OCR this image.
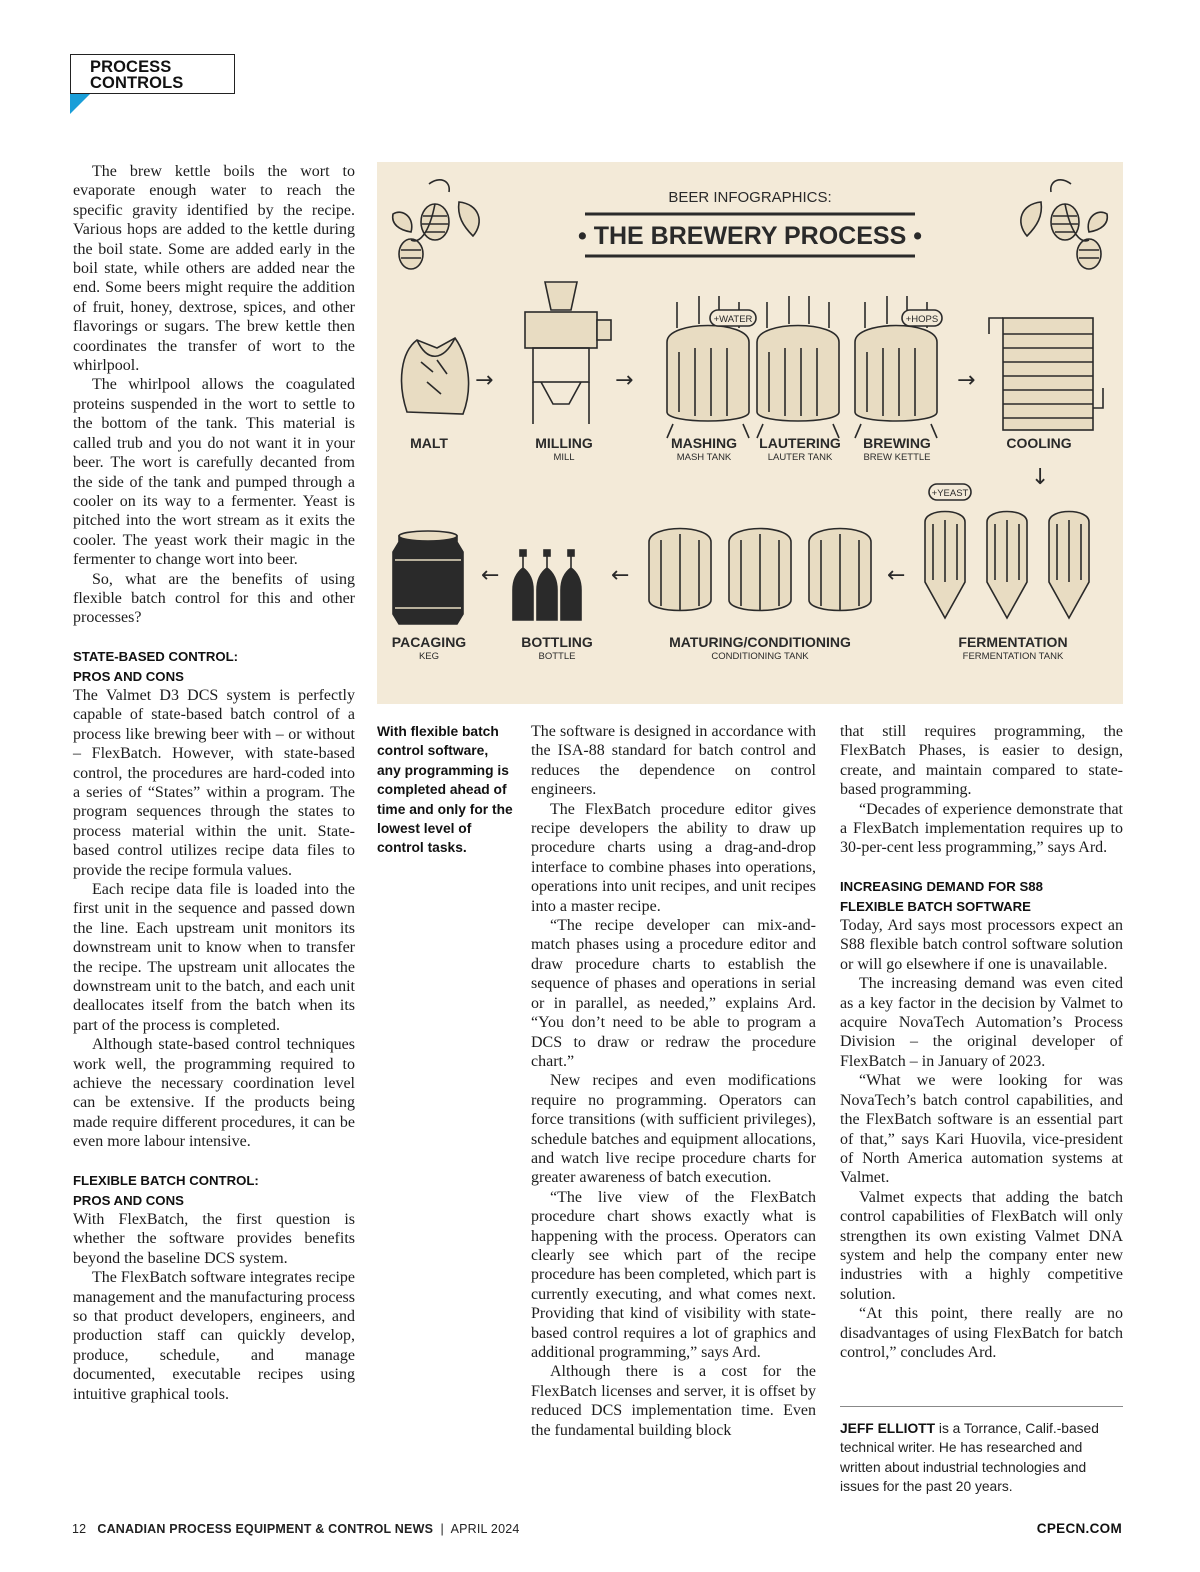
PROCESS
CONTROLS

The brew kettle boils the wort to evaporate enough water to reach the specific gravity identified by the recipe. Various hops are added to the kettle during the boil state. Some are added early in the boil state, while others are added near the end. Some beers might require the addition of fruit, honey, dextrose, spices, and other flavorings or sugars. The brew kettle then coordinates the transfer of wort to the whirlpool.

The whirlpool allows the coagulated proteins suspended in the wort to settle to the bottom of the tank. This material is called trub and you do not want it in your beer. The wort is carefully decanted from the side of the tank and pumped through a cooler on its way to a fermenter. Yeast is pitched into the wort stream as it exits the cooler. The yeast work their magic in the fermenter to change wort into beer.

So, what are the benefits of using flexible batch control for this and other processes?

STATE-BASED CONTROL:
PROS AND CONS

The Valmet D3 DCS system is perfectly capable of state-based batch control of a process like brewing beer with – or without – FlexBatch. However, with state-based control, the procedures are hard-coded into a series of “States” within a program. The program sequences through the states to process material within the unit. State-based control utilizes recipe data files to provide the recipe formula values.

Each recipe data file is loaded into the first unit in the sequence and passed down the line. Each upstream unit monitors its downstream unit to know when to transfer the recipe. The upstream unit allocates the downstream unit to the batch, and each unit deallocates itself from the batch when its part of the process is completed.

Although state-based control techniques work well, the programming required to achieve the necessary coordination level can be extensive. If the products being made require different procedures, it can be even more labour intensive.

FLEXIBLE BATCH CONTROL:
PROS AND CONS

With FlexBatch, the first question is whether the software provides benefits beyond the baseline DCS system.

The FlexBatch software integrates recipe management and the manufacturing process so that product developers, engineers, and production staff can quickly develop, produce, schedule, and manage documented, executable recipes using intuitive graphical tools.

With flexible batch control software, any programming is completed ahead of time and only for the lowest level of control tasks.

The software is designed in accordance with the ISA-88 standard for batch control and reduces the dependence on control engineers.

The FlexBatch procedure editor gives recipe developers the ability to draw up procedure charts using a drag-and-drop interface to combine phases into operations, operations into unit recipes, and unit recipes into a master recipe.

“The recipe developer can mix-and-match phases using a procedure editor and draw procedure charts to establish the sequence of phases and operations in serial or in parallel, as needed,” explains Ard. “You don’t need to be able to program a DCS to draw or redraw the procedure chart.”

New recipes and even modifications require no programming. Operators can force transitions (with sufficient privileges), schedule batches and equipment allocations, and watch live recipe procedure charts for greater awareness of batch execution.

“The live view of the FlexBatch procedure chart shows exactly what is happening with the process. Operators can clearly see which part of the recipe procedure has been completed, which part is currently executing, and what comes next. Providing that kind of visibility with state-based control requires a lot of graphics and additional programming,” says Ard.

Although there is a cost for the FlexBatch licenses and server, it is offset by reduced DCS implementation time. Even the fundamental building block

that still requires programming, the FlexBatch Phases, is easier to design, create, and maintain compared to state-based programming.

“Decades of experience demonstrate that a FlexBatch implementation requires up to 30-per-cent less programming,” says Ard.

INCREASING DEMAND FOR S88
FLEXIBLE BATCH SOFTWARE

Today, Ard says most processors expect an S88 flexible batch control software solution or will go elsewhere if one is unavailable.

The increasing demand was even cited as a key factor in the decision by Valmet to acquire NovaTech Automation’s Process Division – the original developer of FlexBatch – in January of 2023.

“What we were looking for was NovaTech’s batch control capabilities, and the FlexBatch software is an essential part of that,” says Kari Huovila, vice-president of North America automation systems at Valmet.

Valmet expects that adding the batch control capabilities of FlexBatch will only strengthen its own existing Valmet DNA system and help the company enter new industries with a highly competitive solution.

“At this point, there really are no disadvantages of using FlexBatch for batch control,” concludes Ard.

JEFF ELLIOTT is a Torrance, Calif.-based technical writer. He has researched and written about industrial technologies and issues for the past 20 years.
12 CANADIAN PROCESS EQUIPMENT & CONTROL NEWS | APRIL 2024	CPECN.COM
BEER INFOGRAPHICS:
• THE BREWERY PROCESS •
→	→
+WATER	+HOPS
→
↓
MALT	MILLING
MILL
MASHING
MASH TANK
LAUTERING
LAUTER TANK
BREWING
BREW KETTLE
COOLING
+YEAST
←
←
←
PACAGING
KEG
BOTTLING
BOTTLE
MATURING/CONDITIONING
CONDITIONING TANK
FERMENTATION
FERMENTATION TANK
